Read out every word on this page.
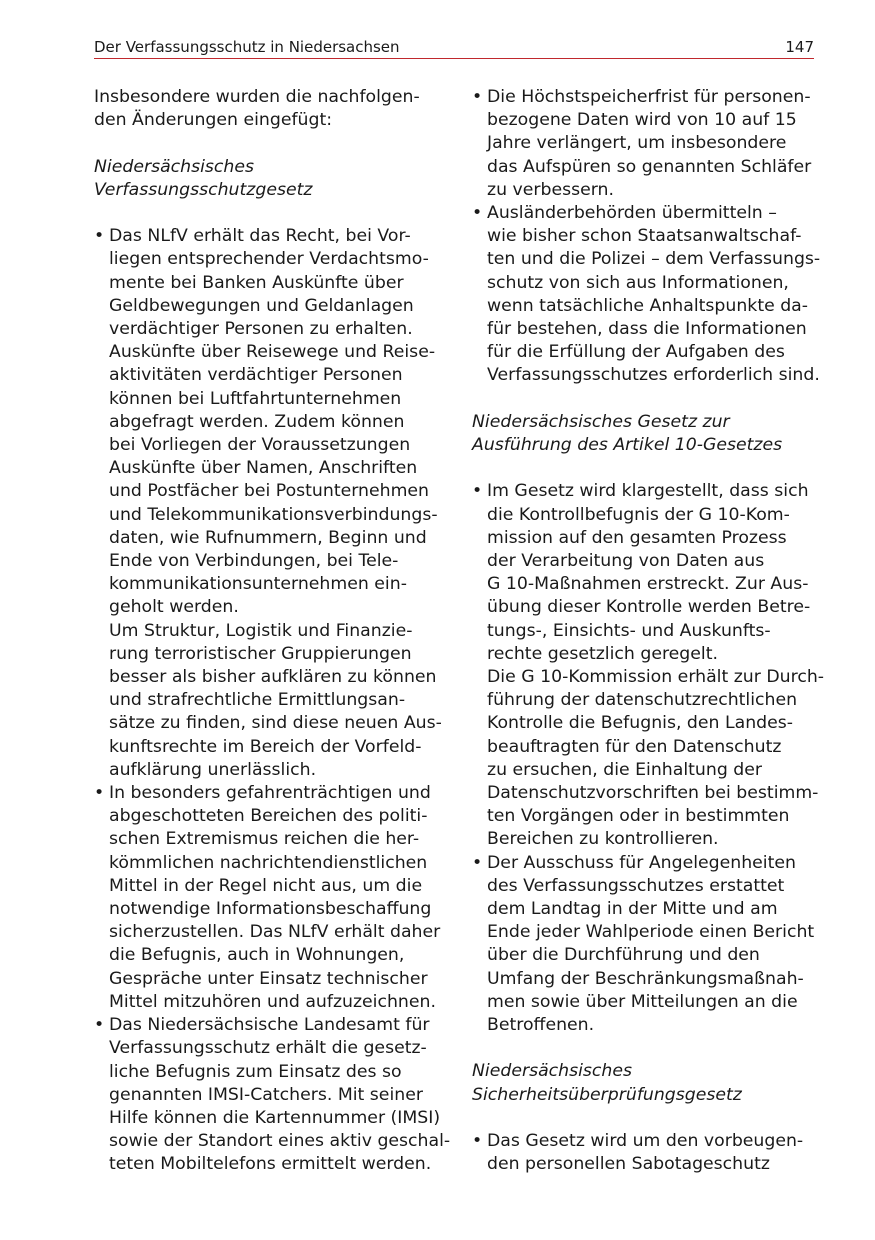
Der Verfassungsschutz in Niedersachsen	147

Insbesondere wurden die nachfolgen-
den Änderungen eingefügt:

Niedersächsisches
Verfassungsschutzgesetz

• Das NLfV erhält das Recht, bei Vor-
liegen entsprechender Verdachtsmo-
mente bei Banken Auskünfte über
Geldbewegungen und Geldanlagen
verdächtiger Personen zu erhalten.
Auskünfte über Reisewege und Reise-
aktivitäten verdächtiger Personen
können bei Luftfahrtunternehmen
abgefragt werden. Zudem können
bei Vorliegen der Voraussetzungen
Auskünfte über Namen, Anschriften
und Postfächer bei Postunternehmen
und Telekommunikationsverbindungs-
daten, wie Rufnummern, Beginn und
Ende von Verbindungen, bei Tele-
kommunikationsunternehmen ein-
geholt werden.
Um Struktur, Logistik und Finanzie-
rung terroristischer Gruppierungen
besser als bisher aufklären zu können
und strafrechtliche Ermittlungsan-
sätze zu finden, sind diese neuen Aus-
kunftsrechte im Bereich der Vorfeld-
aufklärung unerlässlich.
• In besonders gefahrenträchtigen und
abgeschotteten Bereichen des politi-
schen Extremismus reichen die her-
kömmlichen nachrichtendienstlichen
Mittel in der Regel nicht aus, um die
notwendige Informationsbeschaffung
sicherzustellen. Das NLfV erhält daher
die Befugnis, auch in Wohnungen,
Gespräche unter Einsatz technischer
Mittel mitzuhören und aufzuzeichnen.
• Das Niedersächsische Landesamt für
Verfassungsschutz erhält die gesetz-
liche Befugnis zum Einsatz des so
genannten IMSI-Catchers. Mit seiner
Hilfe können die Kartennummer (IMSI)
sowie der Standort eines aktiv geschal-
teten Mobiltelefons ermittelt werden.
• Die Höchstspeicherfrist für personen-
bezogene Daten wird von 10 auf 15
Jahre verlängert, um insbesondere
das Aufspüren so genannten Schläfer
zu verbessern.
• Ausländerbehörden übermitteln –
wie bisher schon Staatsanwaltschaf-
ten und die Polizei – dem Verfassungs-
schutz von sich aus Informationen,
wenn tatsächliche Anhaltspunkte da-
für bestehen, dass die Informationen
für die Erfüllung der Aufgaben des
Verfassungsschutzes erforderlich sind.

Niedersächsisches Gesetz zur
Ausführung des Artikel 10-Gesetzes

• Im Gesetz wird klargestellt, dass sich
die Kontrollbefugnis der G 10-Kom-
mission auf den gesamten Prozess
der Verarbeitung von Daten aus
G 10-Maßnahmen erstreckt. Zur Aus-
übung dieser Kontrolle werden Betre-
tungs-, Einsichts- und Auskunfts-
rechte gesetzlich geregelt.
Die G 10-Kommission erhält zur Durch-
führung der datenschutzrechtlichen
Kontrolle die Befugnis, den Landes-
beauftragten für den Datenschutz
zu ersuchen, die Einhaltung der
Datenschutzvorschriften bei bestimm-
ten Vorgängen oder in bestimmten
Bereichen zu kontrollieren.
• Der Ausschuss für Angelegenheiten
des Verfassungsschutzes erstattet
dem Landtag in der Mitte und am
Ende jeder Wahlperiode einen Bericht
über die Durchführung und den
Umfang der Beschränkungsmaßnah-
men sowie über Mitteilungen an die
Betroffenen.

Niedersächsisches
Sicherheitsüberprüfungsgesetz

• Das Gesetz wird um den vorbeugen-
den personellen Sabotageschutz
